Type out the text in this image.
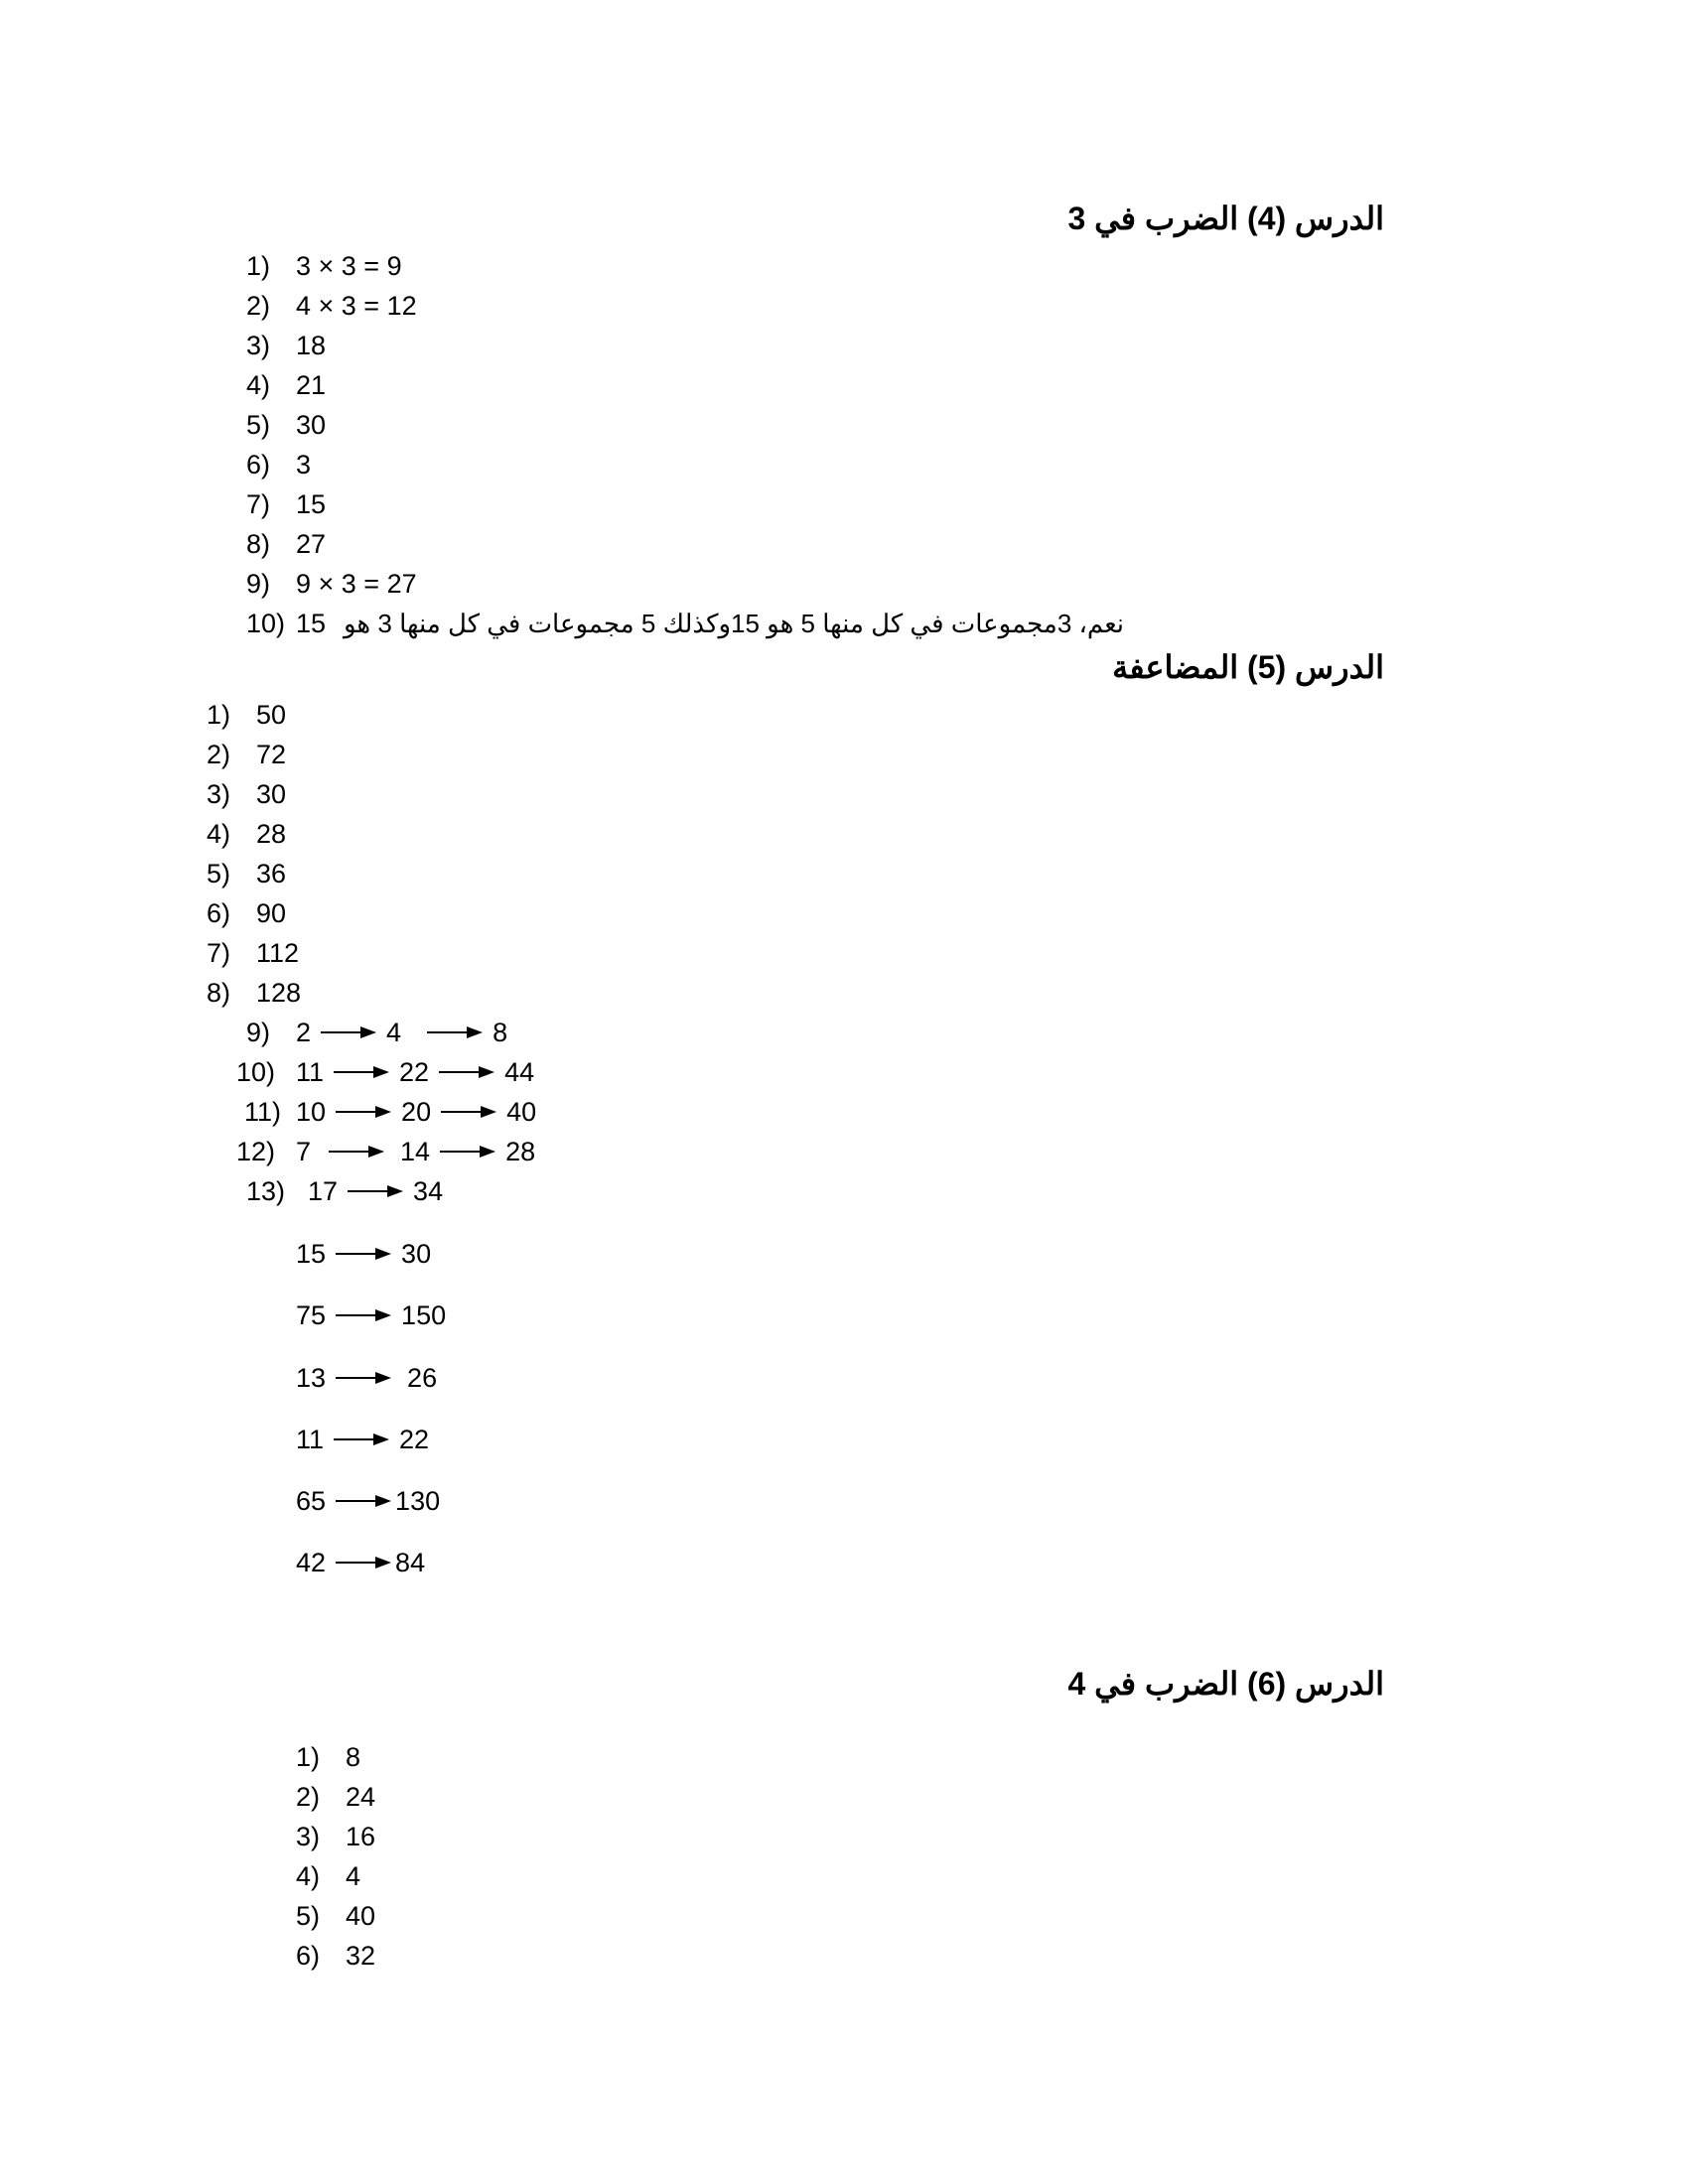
الدرس (4) الضرب في 3
1) 3 × 3 = 9
2) 4 × 3 = 12
3) 18
4) 21
5) 30
6) 3
7) 15
8) 27
9) 9 × 3 = 27
10) 15 نعم، 3مجموعات في كل منها 5 هو 15وكذلك 5 مجموعات في كل منها 3 هو
الدرس (5) المضاعفة
1) 50
2) 72
3) 30
4) 28
5) 36
6) 90
7) 112
8) 128
9) 2	4	8
10) 11	22	44
11) 10	20	40
12) 7	14	28
13) 17	34
15	30
75	150
13	26
11	22
65	130
42	84
الدرس (6) الضرب في 4
1) 8
2) 24
3) 16
4) 4
5) 40
6) 32
